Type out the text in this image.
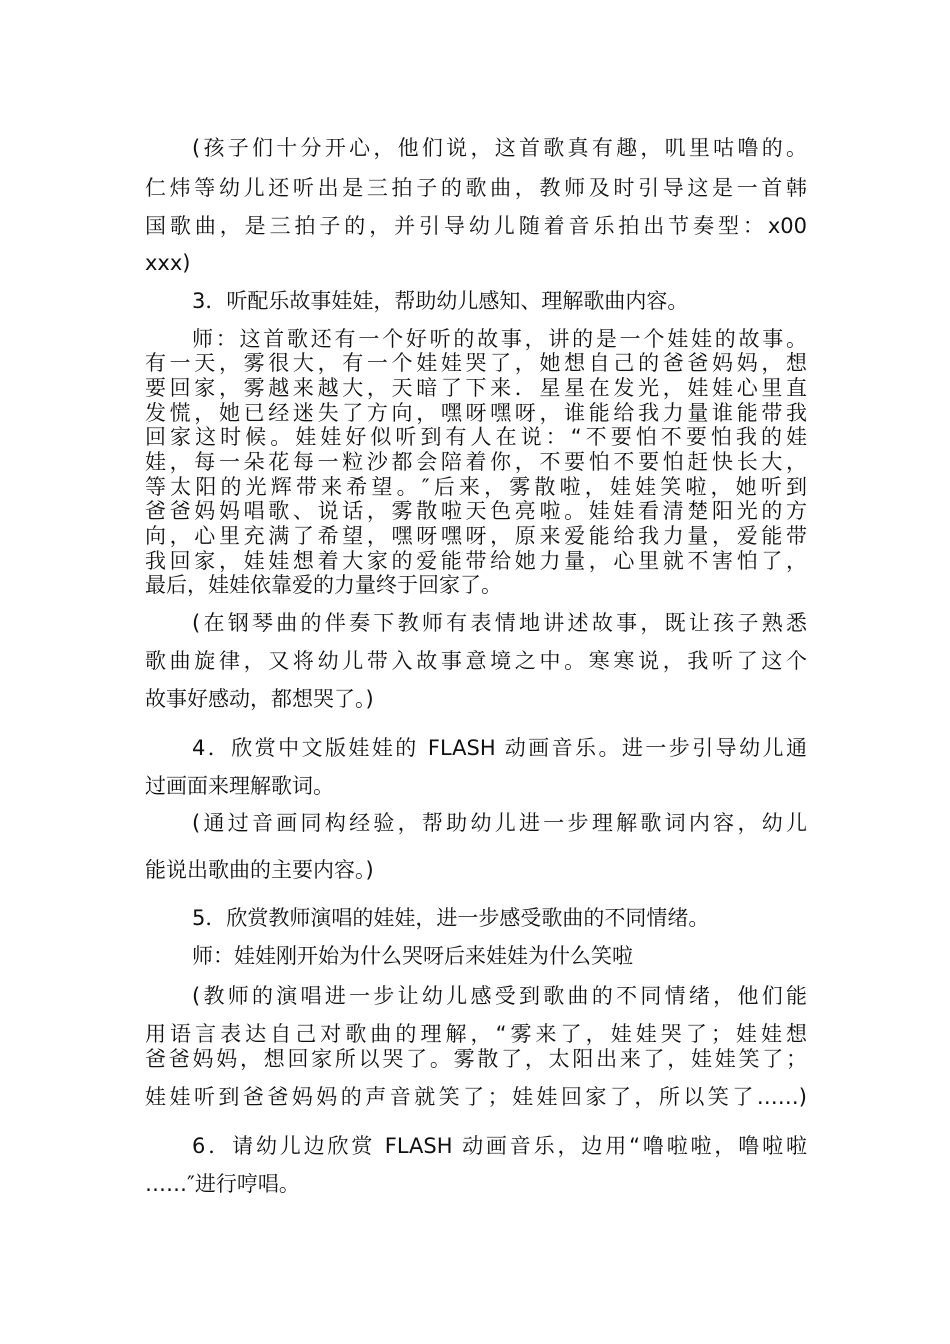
(孩子们十分开心，他们说，这首歌真有趣，叽里咕噜的。
仁炜等幼儿还听出是三拍子的歌曲，教师及时引导这是一首韩
国歌曲，是三拍子的，并引导幼儿随着音乐拍出节奏型：x00
xxx)
3．听配乐故事娃娃，帮助幼儿感知、理解歌曲内容。
师：这首歌还有一个好听的故事，讲的是一个娃娃的故事。
有一天，雾很大，有一个娃娃哭了，她想自己的爸爸妈妈，想
要回家，雾越来越大，天暗了下来．星星在发光，娃娃心里直
发慌，她已经迷失了方向，嘿呀嘿呀，谁能给我力量谁能带我
回家这时候。娃娃好似听到有人在说：“不要怕不要怕我的娃
娃，每一朵花每一粒沙都会陪着你，不要怕不要怕赶快长大，
等太阳的光辉带来希望。″后来，雾散啦，娃娃笑啦，她听到
爸爸妈妈唱歌、说话，雾散啦天色亮啦。娃娃看清楚阳光的方
向，心里充满了希望，嘿呀嘿呀，原来爱能给我力量，爱能带
我回家，娃娃想着大家的爱能带给她力量，心里就不害怕了，
最后，娃娃依靠爱的力量终于回家了。
(在钢琴曲的伴奏下教师有表情地讲述故事，既让孩子熟悉
歌曲旋律，又将幼儿带入故事意境之中。寒寒说，我听了这个
故事好感动，都想哭了。)
4．欣赏中文版娃娃的 FLASH 动画音乐。进一步引导幼儿通
过画面来理解歌词。
(通过音画同构经验，帮助幼儿进一步理解歌词内容，幼儿
能说出歌曲的主要内容。)
5．欣赏教师演唱的娃娃，进一步感受歌曲的不同情绪。
师：娃娃刚开始为什么哭呀后来娃娃为什么笑啦
(教师的演唱进一步让幼儿感受到歌曲的不同情绪，他们能
用语言表达自己对歌曲的理解，“雾来了，娃娃哭了；娃娃想
爸爸妈妈，想回家所以哭了。雾散了，太阳出来了，娃娃笑了；
娃娃听到爸爸妈妈的声音就笑了；娃娃回家了，所以笑了……)
6．请幼儿边欣赏 FLASH 动画音乐，边用“噜啦啦，噜啦啦
……″进行哼唱。
